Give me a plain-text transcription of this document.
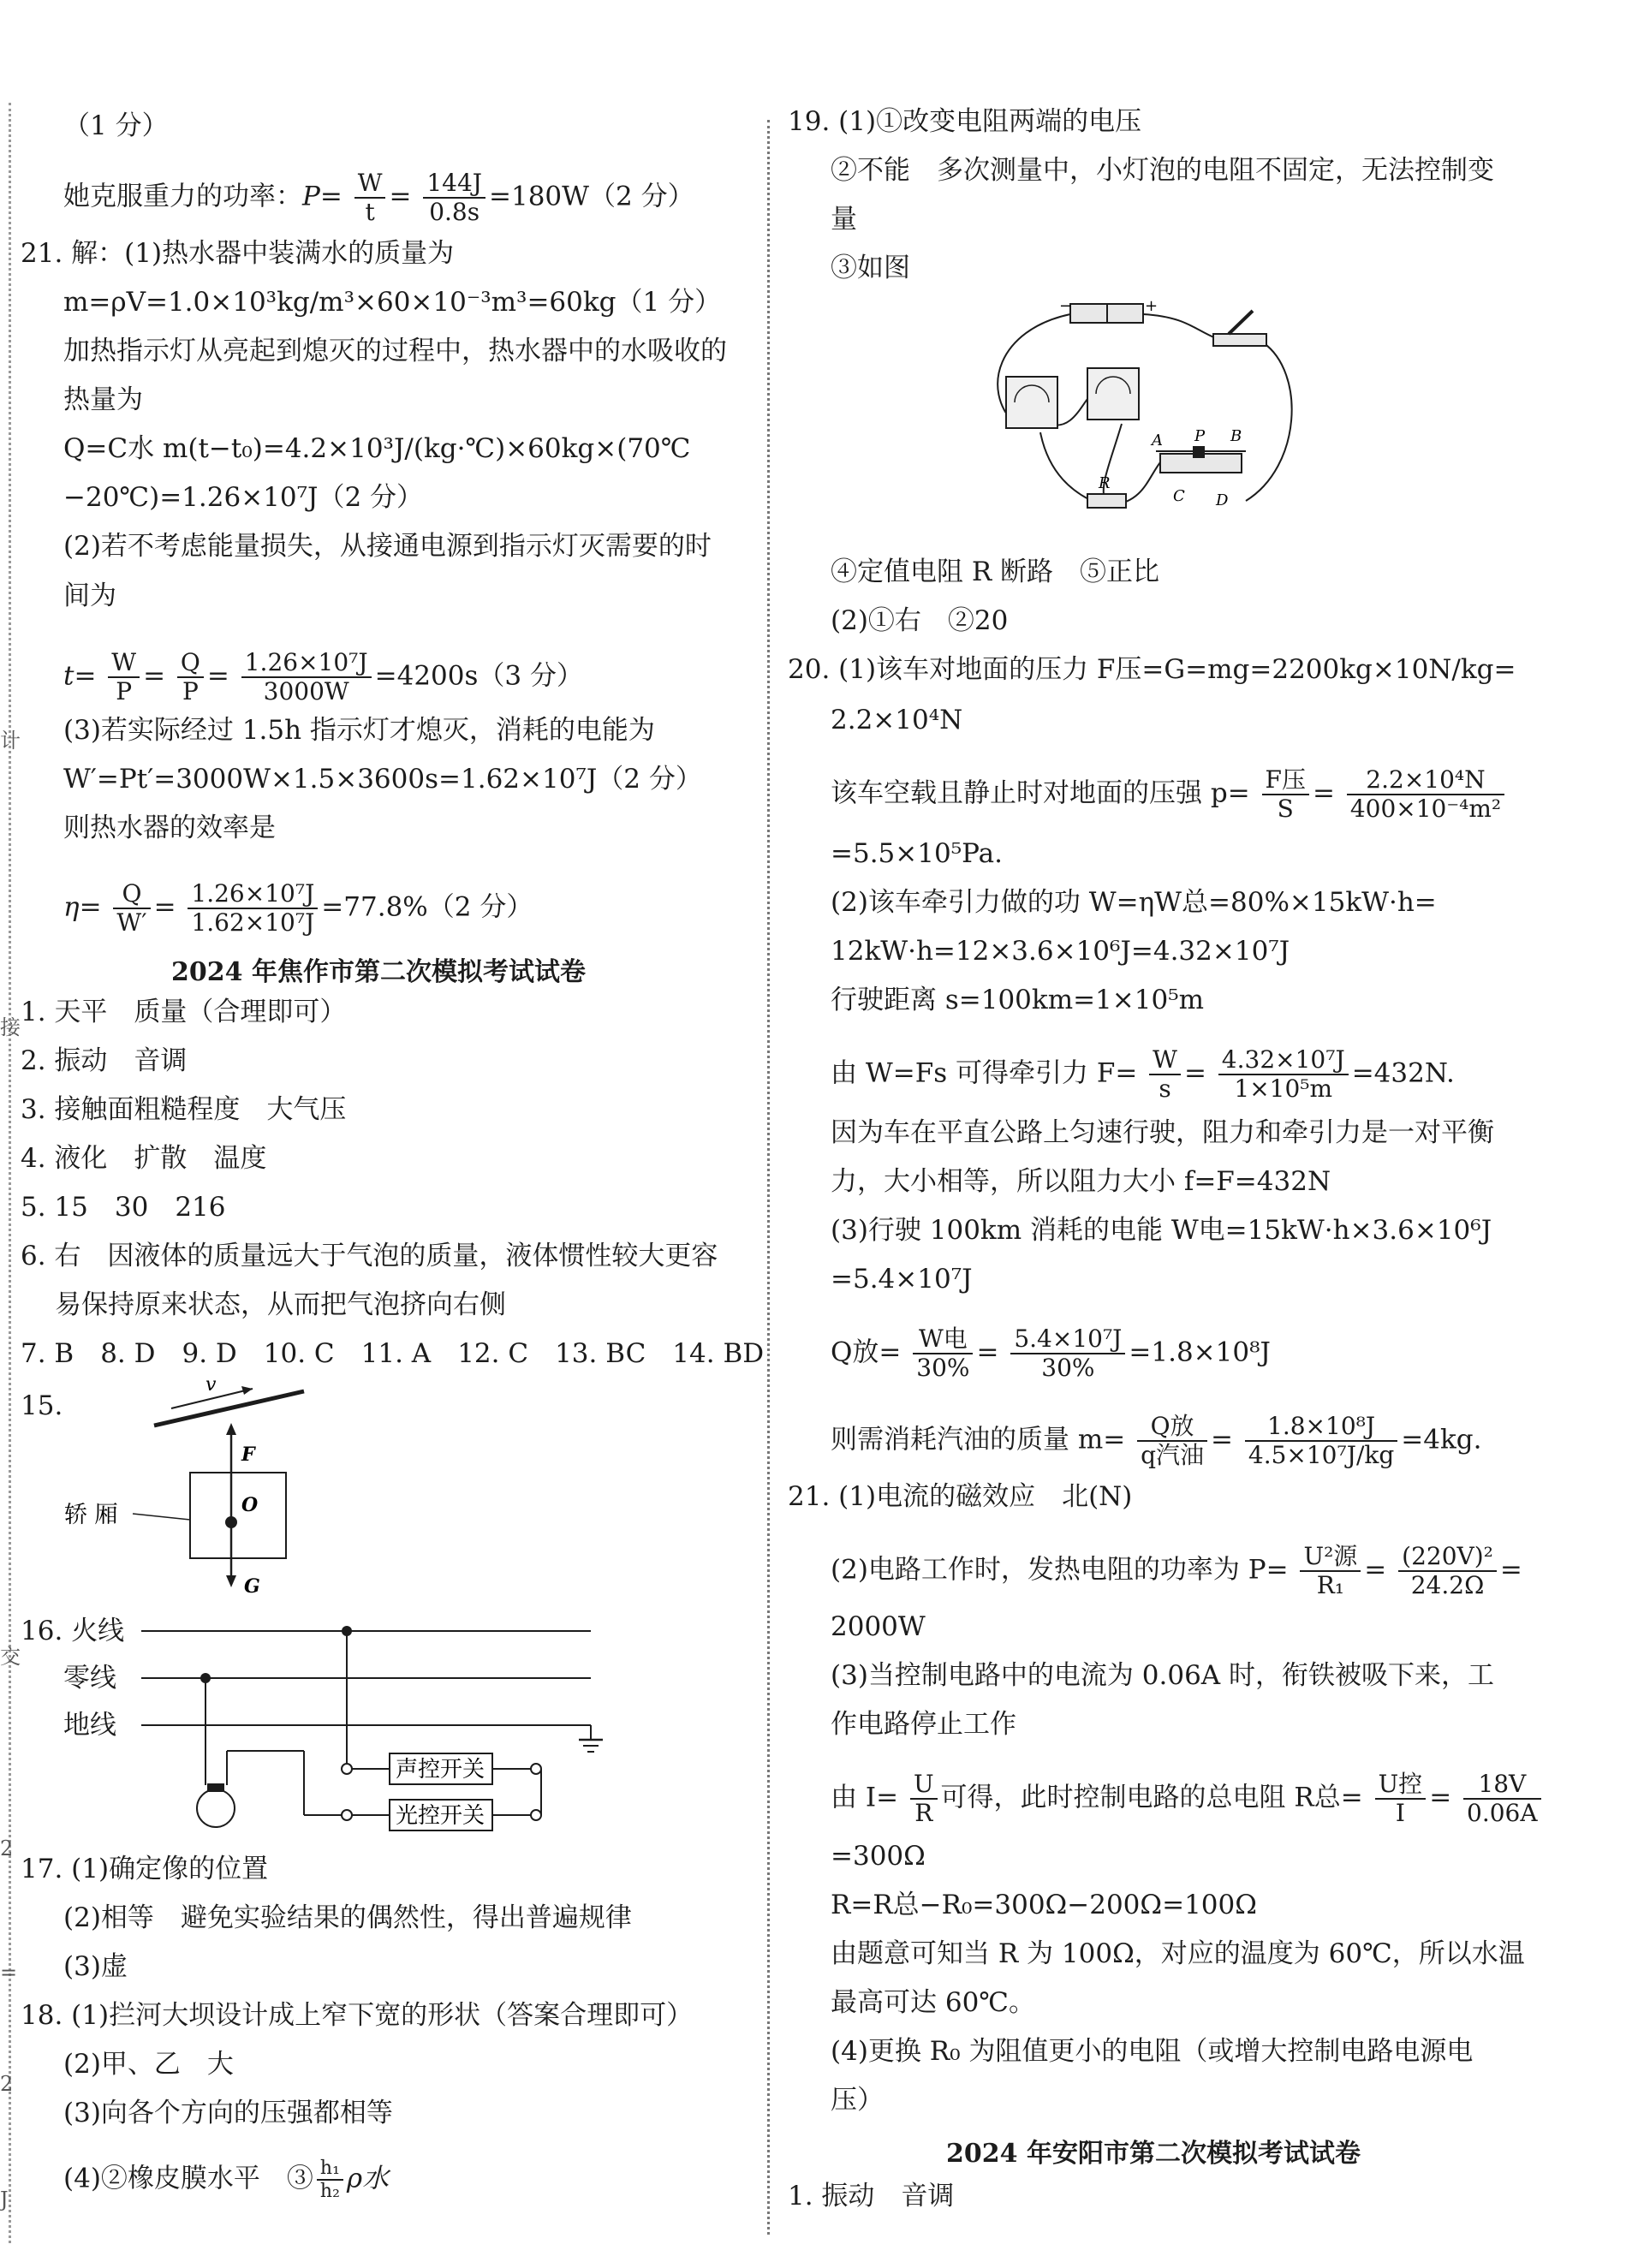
计
接
交
2
=
2
J
（1 分）
她克服重力的功率：$P= \frac{W}{t} = \frac{144J}{0.8s} =180W(2$ 分）
21. 解：(1)热水器中装满水的质量为
m=ρV=1.0×10³kg/m³×60×10⁻³m³=60kg（1 分）
加热指示灯从亮起到熄灭的过程中，热水器中的水吸收的
热量为
Q=C水 m(t−t₀)=4.2×10³J/(kg·℃)×60kg×(70℃
−20℃)=1.26×10⁷J（2 分）
(2)若不考虑能量损失，从接通电源到指示灯灭需要的时
间为
$t= \frac{W}{P} = \frac{Q}{P} = \frac{\text{1.26×10⁷J}}{3000W} =4200s(3$ 分）
(3)若实际经过 1.5h 指示灯才熄灭，消耗的电能为
W′=Pt′=3000W×1.5×3600s=1.62×10⁷J（2 分）
则热水器的效率是
$\eta= \frac{Q}{W'} = \frac{\text{1.26×10⁷J}}{\text{1.62×10⁷J}} =77.8\%(2$ 分）
2024 年焦作市第二次模拟考试试卷
1. 天平　质量（合理即可）
2. 振动　音调
3. 接触面粗糙程度　大气压
4. 液化　扩散　温度
5. 15　30　216
6. 右　因液体的质量远大于气泡的质量，液体惯性较大更容
易保持原来状态，从而把气泡挤向右侧
7. B　8. D　9. D　10. C　11. A　12. C　13. BC　14. BD
15.
v
F
O
G
轿 厢
16. 火线
零线
地线
声控开关
光控开关
17. (1)确定像的位置
(2)相等　避免实验结果的偶然性，得出普遍规律
(3)虚
18. (1)拦河大坝设计成上窄下宽的形状（答案合理即可）
(2)甲、乙　大
(3)向各个方向的压强都相等
(4)②橡皮膜水平　③ $\frac{\text{h₁}}{\text{h₂}}$ ρ水
19. (1)①改变电阻两端的电压
②不能　多次测量中，小灯泡的电阻不固定，无法控制变
量
③如图
−	+
R
A P B
C D
④定值电阻 R 断路　⑤正比
(2)①右　②20
20. (1)该车对地面的压力 F压=G=mg=2200kg×10N/kg=
2.2×10⁴N
该车空载且静止时对地面的压强 $p= \frac{\text{F压}}{S} = \frac{\text{2.2×10⁴N}}{\text{400×10⁻⁴m²}}$
=5.5×10⁵Pa.
(2)该车牵引力做的功 W=ηW总=80%×15kW·h=
12kW·h=12×3.6×10⁶J=4.32×10⁷J
行驶距离 s=100km=1×10⁵m
由 W=Fs 可得牵引力 $F= \frac{W}{s} = \frac{\text{4.32×10⁷J}}{\text{1×10⁵m}} =432N$.
因为车在平直公路上匀速行驶，阻力和牵引力是一对平衡
力，大小相等，所以阻力大小 f=F=432N
(3)行驶 100km 消耗的电能 W电=15kW·h×3.6×10⁶J
=5.4×10⁷J
Q放= $\frac{\text{W电}}{30\%} = \frac{\text{5.4×10⁷J}}{30\%} =1.8\times 10^8J$
则需消耗汽油的质量 $m= \frac{\text{Q放}}{\text{q汽油}} = \frac{\text{1.8×10⁸J}}{\text{4.5×10⁷J/kg}} =4kg$.
21. (1)电流的磁效应　北(N)
(2)电路工作时，发热电阻的功率为 $P= \frac{\text{U²源}}{\text{R₁}} = \frac{\text{(220V)²}}{24.2\Omega}$ =
2000W
(3)当控制电路中的电流为 0.06A 时，衔铁被吸下来，工
作电路停止工作
由 $I= \frac{U}{R}$ 可得，此时控制电路的总电阻 R总= $\frac{\text{U控}}{I} = \frac{18V}{0.06A}$
=300Ω
R=R总−R₀=300Ω−200Ω=100Ω
由题意可知当 R 为 100Ω，对应的温度为 60℃，所以水温
最高可达 60℃。
(4)更换 R₀ 为阻值更小的电阻（或增大控制电路电源电
压）
2024 年安阳市第二次模拟考试试卷
1. 振动　音调
